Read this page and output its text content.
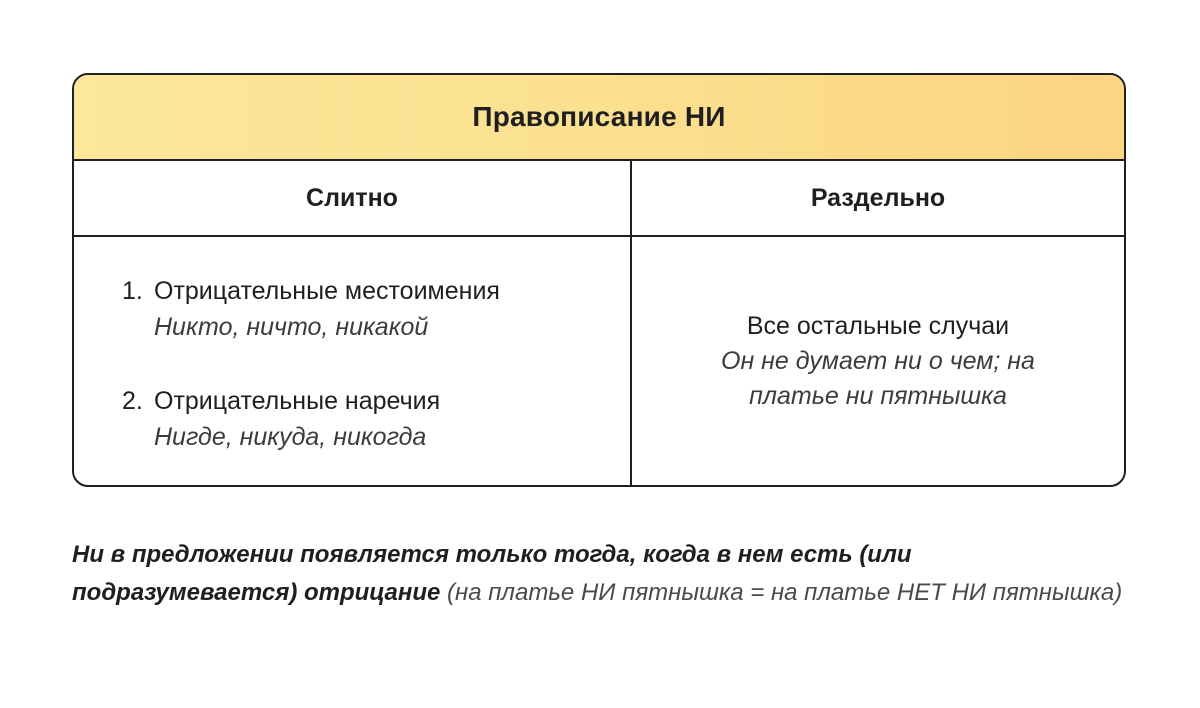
Правописание НИ
Слитно	Раздельно
1. Отрицательные местоимения
Никто, ничто, никакой
2. Отрицательные наречия
Нигде, никуда, никогда
Все остальные случаи
Он не думает ни о чем; на платье ни пятнышка
Ни в предложении появляется только тогда, когда в нем есть (или подразумевается) отрицание (на платье НИ пятнышка = на платье НЕТ НИ пятнышка)
